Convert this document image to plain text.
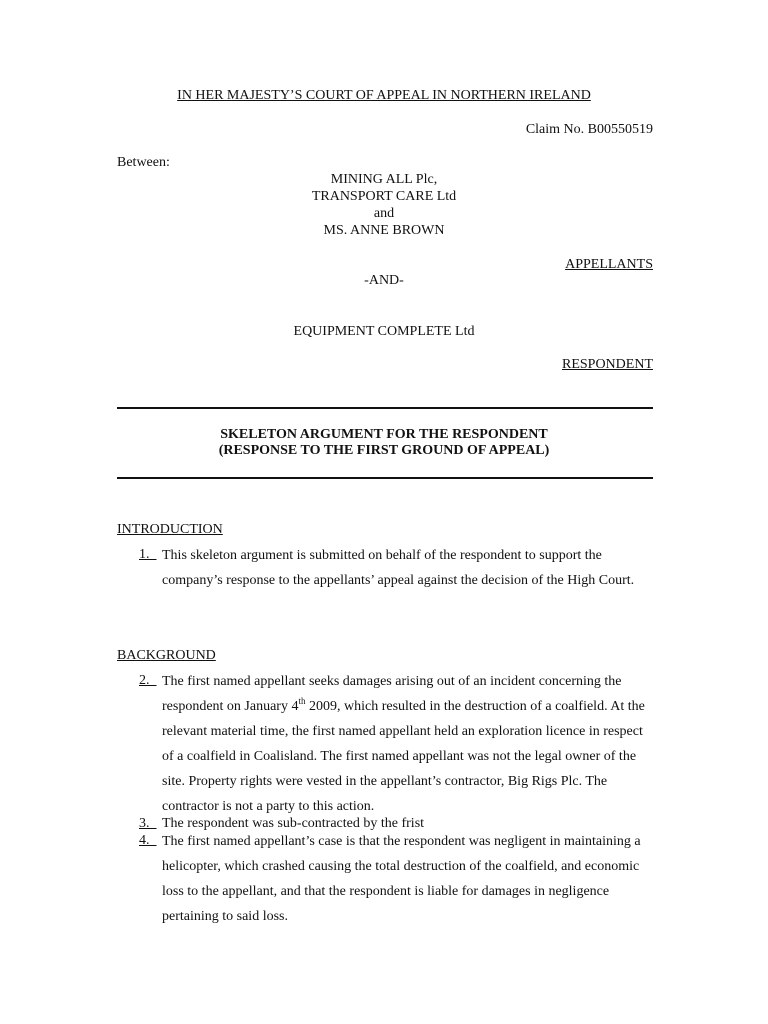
IN HER MAJESTY’S COURT OF APPEAL IN NORTHERN IRELAND
Claim No. B00550519
Between:
MINING ALL Plc,
TRANSPORT CARE Ltd
and
MS. ANNE BROWN
APPELLANTS
-AND-
EQUIPMENT COMPLETE Ltd
RESPONDENT
SKELETON ARGUMENT FOR THE RESPONDENT
(RESPONSE TO THE FIRST GROUND OF APPEAL)
INTRODUCTION
1. This skeleton argument is submitted on behalf of the respondent to support the company’s response to the appellants’ appeal against the decision of the High Court.
BACKGROUND
2. The first named appellant seeks damages arising out of an incident concerning the respondent on January 4th 2009, which resulted in the destruction of a coalfield. At the relevant material time, the first named appellant held an exploration licence in respect of a coalfield in Coalisland. The first named appellant was not the legal owner of the site. Property rights were vested in the appellant’s contractor, Big Rigs Plc. The contractor is not a party to this action.
3. The respondent was sub-contracted by the frist
4. The first named appellant’s case is that the respondent was negligent in maintaining a helicopter, which crashed causing the total destruction of the coalfield, and economic loss to the appellant, and that the respondent is liable for damages in negligence pertaining to said loss.
